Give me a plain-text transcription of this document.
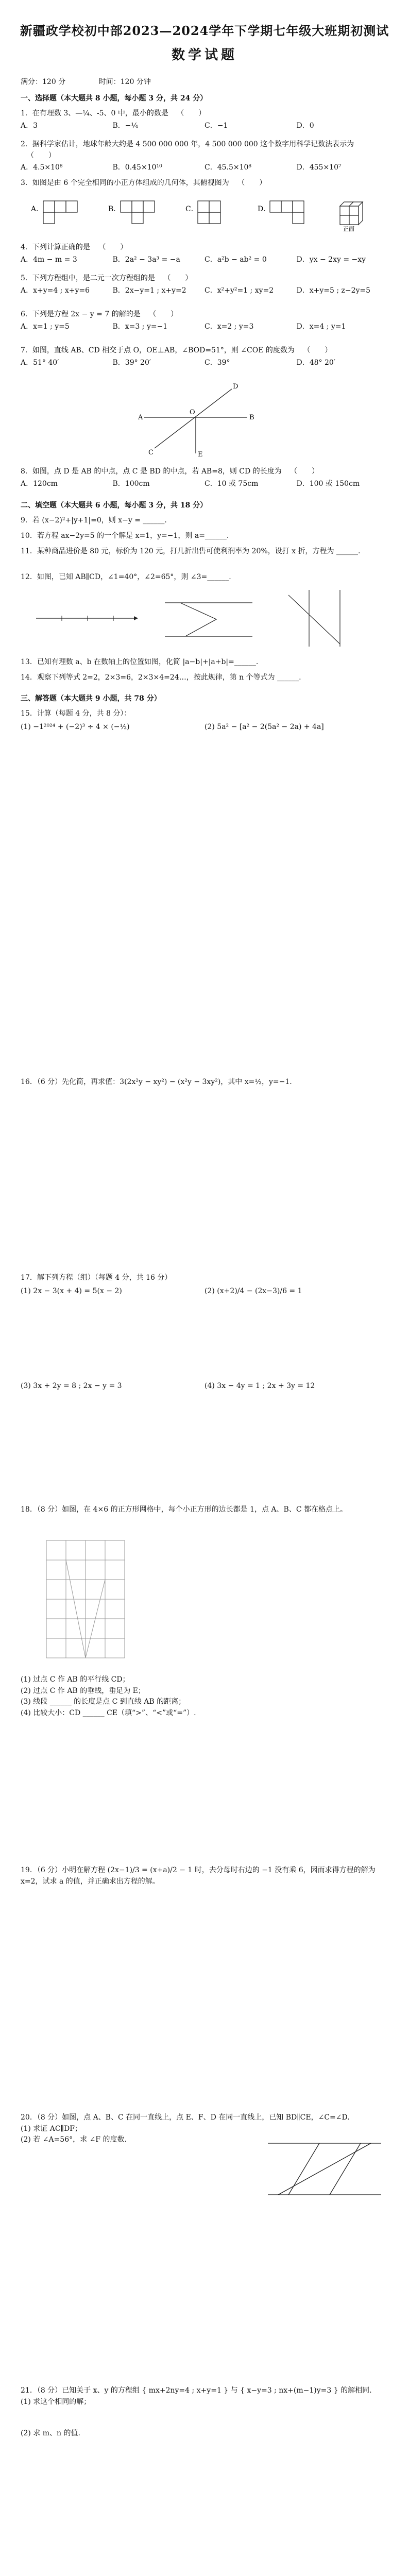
新疆政学校初中部2023—2024学年下学期七年级大班期初测试
数学试题
满分：120 分	时间：120 分钟
一、选择题（本大题共 8 小题，每小题 3 分，共 24 分）
1．在有理数 3、—¼、-5、0 中，最小的数是 （　　）
A．3	B．−¼	C．−1	D．0
2．据科学家估计，地球年龄大约是 4 500 000 000 年，4 500 000 000 这个数字用科学记数法表示为 （　　）
A．4.5×10⁸	B．0.45×10¹⁰	C．45.5×10⁸	D．455×10⁷
3．如图是由 6 个完全相同的小正方体组成的几何体，其俯视图为 （　　）
A．	B．	C．	D．
正面
4．下列计算正确的是 （　　）
A．4m − m = 3	B．2a² − 3a³ = −a	C．a²b − ab² = 0	D．yx − 2xy = −xy
5．下列方程组中，是二元一次方程组的是 （　　）
A．x+y=4 ; x+y=6	B．2x−y=1 ; x+y=2	C．x²+y²=1 ; xy=2	D．x+y=5 ; z−2y=5
6．下列是方程 2x − y = 7 的解的是 （　　）
A．x=1 ; y=5	B．x=3 ; y=−1	C．x=2 ; y=3	D．x=4 ; y=1
7．如图，直线 AB、CD 相交于点 O，OE⊥AB，∠BOD=51°，则 ∠COE 的度数为 （　　）
A．51° 40′	B．39° 20′	C．39°	D．48° 20′
A	B
C
D
E
O
8．如图，点 D 是 AB 的中点，点 C 是 BD 的中点，若 AB=8，则 CD 的长度为 （　　）
A．120cm	B．100cm	C．10 或 75cm	D．100 或 150cm
二、填空题（本大题共 6 小题，每小题 3 分，共 18 分）
9．若 (x−2)²+|y+1|=0，则 x−y = ______.
10．若方程 ax−2y=5 的一个解是 x=1，y=−1，则 a=______.
11．某种商品进价是 80 元，标价为 120 元，打几折出售可使利润率为 20%，设打 x 折，方程为 ______.
12．如图，已知 AB∥CD，∠1=40°，∠2=65°，则 ∠3=______.
13．已知有理数 a、b 在数轴上的位置如图，化简 |a−b|+|a+b|=______.
14．观察下列等式 2=2，2×3=6，2×3×4=24…，按此规律，第 n 个等式为 ______.
三、解答题（本大题共 9 小题，共 78 分）
15．计算（每题 4 分，共 8 分）：
(1) −1²⁰²⁴ + (−2)³ ÷ 4 × (−½)	(2) 5a² − [a² − 2(5a² − 2a) + 4a]
16．（6 分）先化简，再求值：3(2x²y − xy²) − (x²y − 3xy²)，其中 x=½，y=−1.
17．解下列方程（组）（每题 4 分，共 16 分）
(1) 2x − 3(x + 4) = 5(x − 2)	(2) (x+2)/4 − (2x−3)/6 = 1
(3) 3x + 2y = 8 ; 2x − y = 3	(4) 3x − 4y = 1 ; 2x + 3y = 12
18．（8 分）如图，在 4×6 的正方形网格中，每个小正方形的边长都是 1，点 A、B、C 都在格点上。
(1) 过点 C 作 AB 的平行线 CD；
(2) 过点 C 作 AB 的垂线，垂足为 E；
(3) 线段 ______ 的长度是点 C 到直线 AB 的距离；
(4) 比较大小：CD ______ CE（填“>”、“<”或“=”）.
19．（6 分）小明在解方程 (2x−1)/3 = (x+a)/2 − 1 时，去分母时右边的 −1 没有乘 6，因而求得方程的解为 x=2，试求 a 的值，并正确求出方程的解。
20．（8 分）如图，点 A、B、C 在同一直线上，点 E、F、D 在同一直线上，已知 BD∥CE，∠C=∠D.
(1) 求证 AC∥DF；
(2) 若 ∠A=56°，求 ∠F 的度数.
21．（8 分）已知关于 x、y 的方程组 { mx+2ny=4 ; x+y=1 } 与 { x−y=3 ; nx+(m−1)y=3 } 的解相同.
(1) 求这个相同的解；
(2) 求 m、n 的值.
